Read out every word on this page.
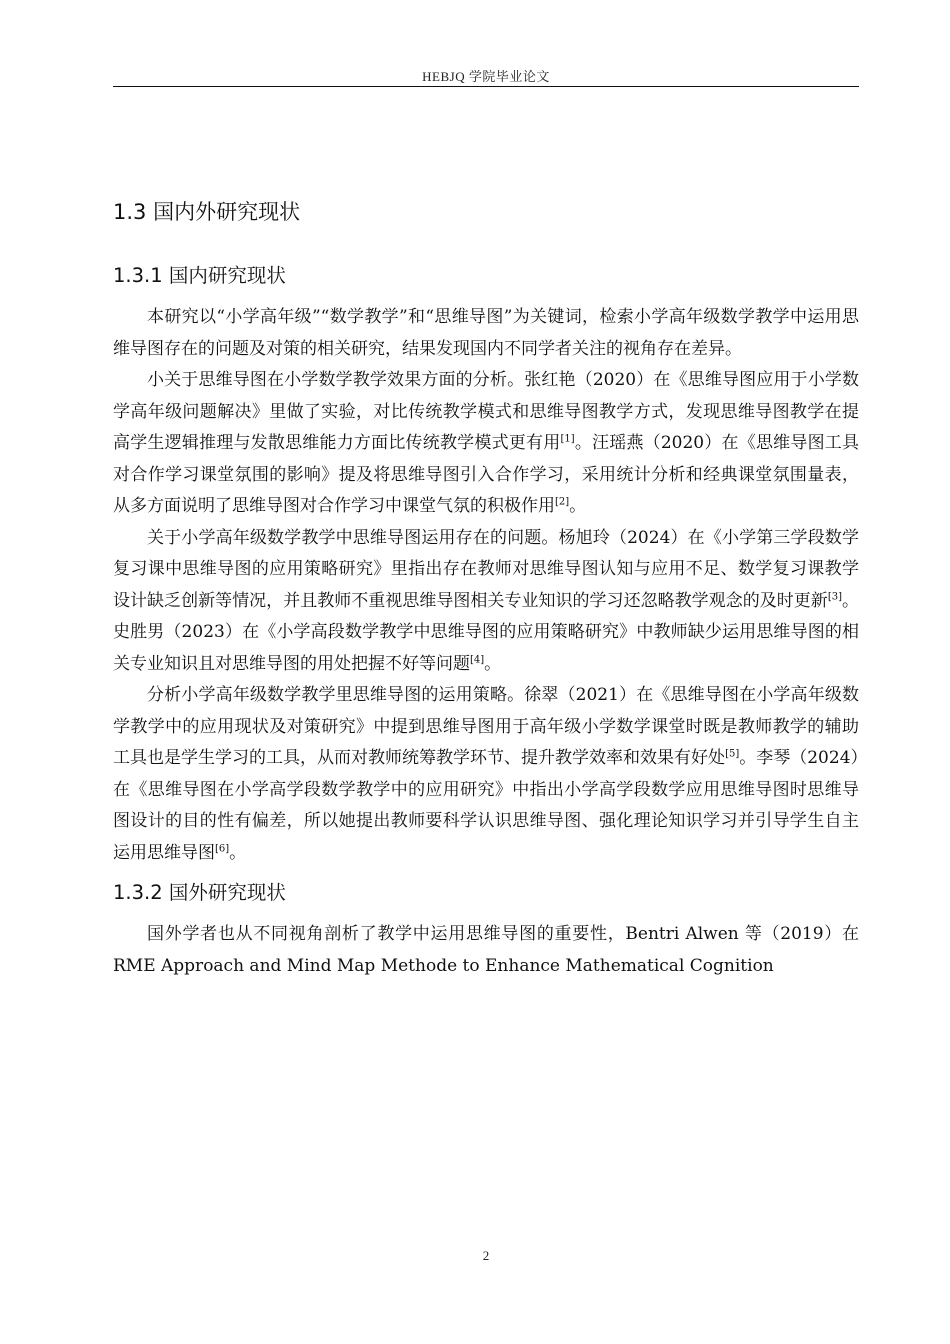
HEBJQ 学院毕业论文
1.3 国内外研究现状
1.3.1 国内研究现状

本研究以“小学高年级”“数学教学”和“思维导图”为关键词，检索小学高年级数学教学中运用思维导图存在的问题及对策的相关研究，结果发现国内不同学者关注的视角存在差异。

小关于思维导图在小学数学教学效果方面的分析。张红艳（2020）在《思维导图应用于小学数学高年级问题解决》里做了实验，对比传统教学模式和思维导图教学方式，发现思维导图教学在提高学生逻辑推理与发散思维能力方面比传统教学模式更有用[1]。汪瑶燕（2020）在《思维导图工具对合作学习课堂氛围的影响》提及将思维导图引入合作学习，采用统计分析和经典课堂氛围量表，从多方面说明了思维导图对合作学习中课堂气氛的积极作用[2]。

关于小学高年级数学教学中思维导图运用存在的问题。杨旭玲（2024）在《小学第三学段数学复习课中思维导图的应用策略研究》里指出存在教师对思维导图认知与应用不足、数学复习课教学设计缺乏创新等情况，并且教师不重视思维导图相关专业知识的学习还忽略教学观念的及时更新[3]。史胜男（2023）在《小学高段数学教学中思维导图的应用策略研究》中教师缺少运用思维导图的相关专业知识且对思维导图的用处把握不好等问题[4]。

分析小学高年级数学教学里思维导图的运用策略。徐翠（2021）在《思维导图在小学高年级数学教学中的应用现状及对策研究》中提到思维导图用于高年级小学数学课堂时既是教师教学的辅助工具也是学生学习的工具，从而对教师统筹教学环节、提升教学效率和效果有好处[5]。李琴（2024）在《思维导图在小学高学段数学教学中的应用研究》中指出小学高学段数学应用思维导图时思维导图设计的目的性有偏差，所以她提出教师要科学认识思维导图、强化理论知识学习并引导学生自主运用思维导图[6]。

1.3.2 国外研究现状

国外学者也从不同视角剖析了教学中运用思维导图的重要性，Bentri Alwen 等（2019）在 RME Approach and Mind Map Methode to Enhance Mathematical Cognition

2
